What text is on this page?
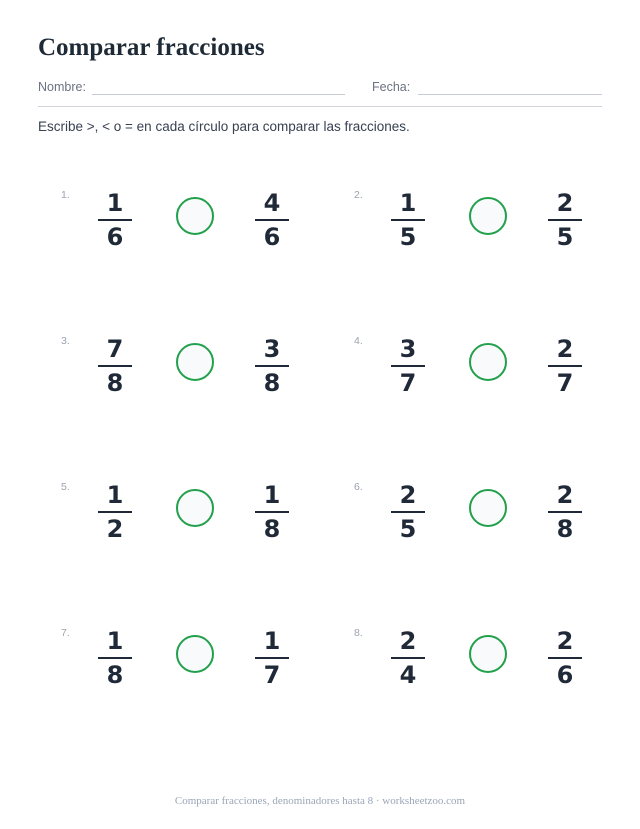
Comparar fracciones
Nombre:	Fecha:
Escribe >, < o = en cada círculo para comparar las fracciones.
1.	1
6
4
6
2.	1
5
2
5
3.	7
8
3
8
4.	3
7
2
7
5.	1
2
1
8
6.	2
5
2
8
7.	1
8
1
7
8.	2
4
2
6
Comparar fracciones, denominadores hasta 8 · worksheetzoo.com
